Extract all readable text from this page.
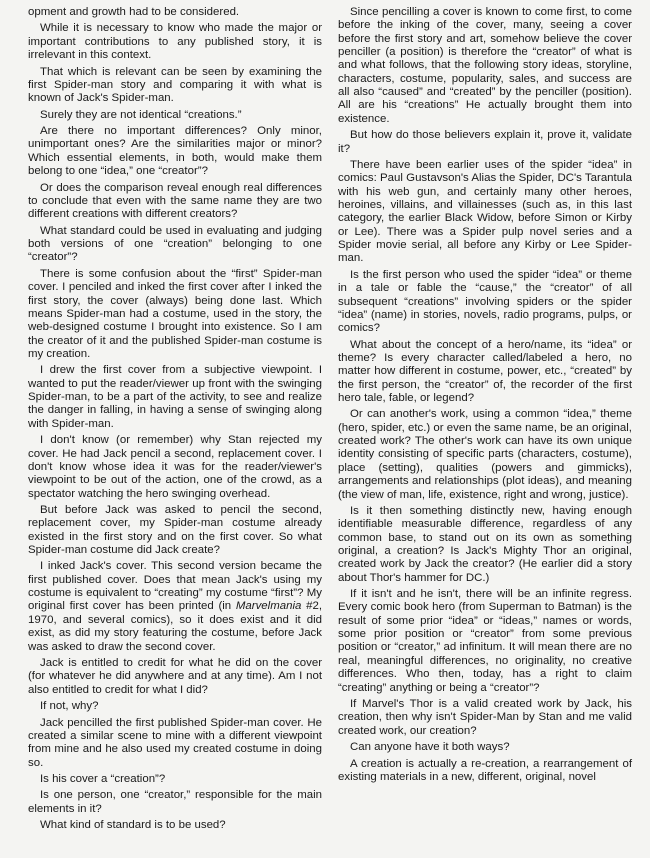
opment and growth had to be considered.

While it is necessary to know who made the major or important contributions to any published story, it is irrelevant in this context.

That which is relevant can be seen by examining the first Spider-man story and comparing it with what is known of Jack's Spider-man.

Surely they are not identical “creations.”

Are there no important differences? Only minor, unimportant ones? Are the similarities major or minor? Which essential elements, in both, would make them belong to one “idea,” one “creator”?

Or does the comparison reveal enough real differences to conclude that even with the same name they are two different creations with different creators?

What standard could be used in evaluating and judging both versions of one “creation” belonging to one “creator”?

There is some confusion about the “first” Spider-man cover. I penciled and inked the first cover after I inked the first story, the cover (always) being done last. Which means Spider-man had a costume, used in the story, the web-designed costume I brought into existence. So I am the creator of it and the published Spider-man costume is my creation.

I drew the first cover from a subjective viewpoint. I wanted to put the reader/viewer up front with the swinging Spider-man, to be a part of the activity, to see and realize the danger in falling, in having a sense of swinging along with Spider-man.

I don't know (or remember) why Stan rejected my cover. He had Jack pencil a second, replacement cover. I don't know whose idea it was for the reader/viewer's viewpoint to be out of the action, one of the crowd, as a spectator watching the hero swinging overhead.

But before Jack was asked to pencil the second, replacement cover, my Spider-man costume already existed in the first story and on the first cover. So what Spider-man costume did Jack create?

I inked Jack's cover. This second version became the first published cover. Does that mean Jack's using my costume is equivalent to “creating” my costume “first”? My original first cover has been printed (in Marvelmania #2, 1970, and several comics), so it does exist and it did exist, as did my story featuring the costume, before Jack was asked to draw the second cover.

Jack is entitled to credit for what he did on the cover (for whatever he did anywhere and at any time). Am I not also entitled to credit for what I did?

If not, why?

Jack pencilled the first published Spider-man cover. He created a similar scene to mine with a different viewpoint from mine and he also used my created costume in doing so.

Is his cover a “creation”?

Is one person, one “creator,” responsible for the main elements in it?

What kind of standard is to be used?

Since pencilling a cover is known to come first, to come before the inking of the cover, many, seeing a cover before the first story and art, somehow believe the cover penciller (a position) is therefore the “creator” of what is and what follows, that the following story ideas, storyline, characters, costume, popularity, sales, and success are all also “caused” and “created” by the penciller (position). All are his “creations” He actually brought them into existence.

But how do those believers explain it, prove it, validate it?

There have been earlier uses of the spider “idea” in comics: Paul Gustavson's Alias the Spider, DC's Tarantula with his web gun, and certainly many other heroes, heroines, villains, and villainesses (such as, in this last category, the earlier Black Widow, before Simon or Kirby or Lee). There was a Spider pulp novel series and a Spider movie serial, all before any Kirby or Lee Spider-man.

Is the first person who used the spider “idea” or theme in a tale or fable the “cause,” the “creator” of all subsequent “creations” involving spiders or the spider “idea” (name) in stories, novels, radio programs, pulps, or comics?

What about the concept of a hero/name, its “idea” or theme? Is every character called/labeled a hero, no matter how different in costume, power, etc., “created” by the first person, the “creator” of, the recorder of the first hero tale, fable, or legend?

Or can another's work, using a common “idea,” theme (hero, spider, etc.) or even the same name, be an original, created work? The other's work can have its own unique identity consisting of specific parts (characters, costume), place (setting), qualities (powers and gimmicks), arrangements and relationships (plot ideas), and meaning (the view of man, life, existence, right and wrong, justice).

Is it then something distinctly new, having enough identifiable measurable difference, regardless of any common base, to stand out on its own as something original, a creation? Is Jack's Mighty Thor an original, created work by Jack the creator? (He earlier did a story about Thor's hammer for DC.)

If it isn't and he isn't, there will be an infinite regress. Every comic book hero (from Superman to Batman) is the result of some prior “idea” or “ideas,” names or words, some prior position or “creator” from some previous position or “creator,” ad infinitum. It will mean there are no real, meaningful differences, no originality, no creative differences. Who then, today, has a right to claim “creating” anything or being a “creator”?

If Marvel's Thor is a valid created work by Jack, his creation, then why isn't Spider-Man by Stan and me valid created work, our creation?

Can anyone have it both ways?

A creation is actually a re-creation, a rearrangement of existing materials in a new, different, original, novel
